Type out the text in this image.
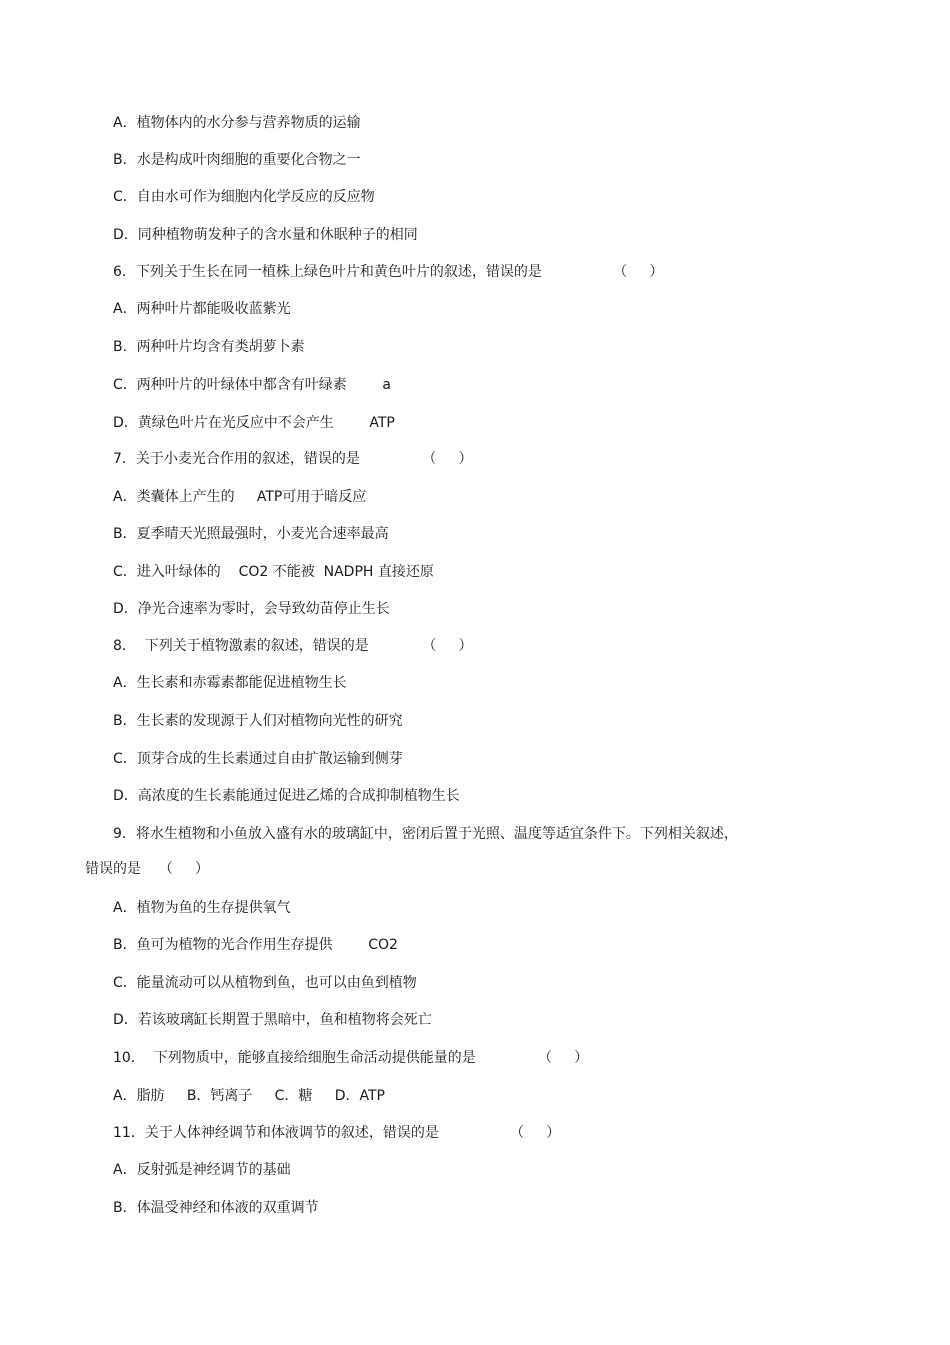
A．植物体内的水分参与营养物质的运输
B．水是构成叶肉细胞的重要化合物之一
C．自由水可作为细胞内化学反应的反应物
D．同种植物萌发种子的含水量和休眠种子的相同
6．下列关于生长在同一植株上绿色叶片和黄色叶片的叙述，错误的是                （     ）
A．两种叶片都能吸收蓝紫光
B．两种叶片均含有类胡萝卜素
C．两种叶片的叶绿体中都含有叶绿素        a
D．黄绿色叶片在光反应中不会产生        ATP
7．关于小麦光合作用的叙述，错误的是              （     ）
A．类囊体上产生的     ATP可用于暗反应
B．夏季晴天光照最强时，小麦光合速率最高
C．进入叶绿体的    CO2 不能被  NADPH 直接还原
D．净光合速率为零时，会导致幼苗停止生长
8．  下列关于植物激素的叙述，错误的是            （     ）
A．生长素和赤霉素都能促进植物生长
B．生长素的发现源于人们对植物向光性的研究
C．顶芽合成的生长素通过自由扩散运输到侧芽
D．高浓度的生长素能通过促进乙烯的合成抑制植物生长
9．将水生植物和小鱼放入盛有水的玻璃缸中，密闭后置于光照、温度等适宜条件下。下列相关叙述，
错误的是    （     ）
A．植物为鱼的生存提供氧气
B．鱼可为植物的光合作用生存提供        CO2
C．能量流动可以从植物到鱼，也可以由鱼到植物
D．若该玻璃缸长期置于黑暗中，鱼和植物将会死亡
10．  下列物质中，能够直接给细胞生命活动提供能量的是              （     ）
A．脂肪     B．钙离子     C．糖     D．ATP
11．关于人体神经调节和体液调节的叙述，错误的是                （     ）
A．反射弧是神经调节的基础
B．体温受神经和体液的双重调节
